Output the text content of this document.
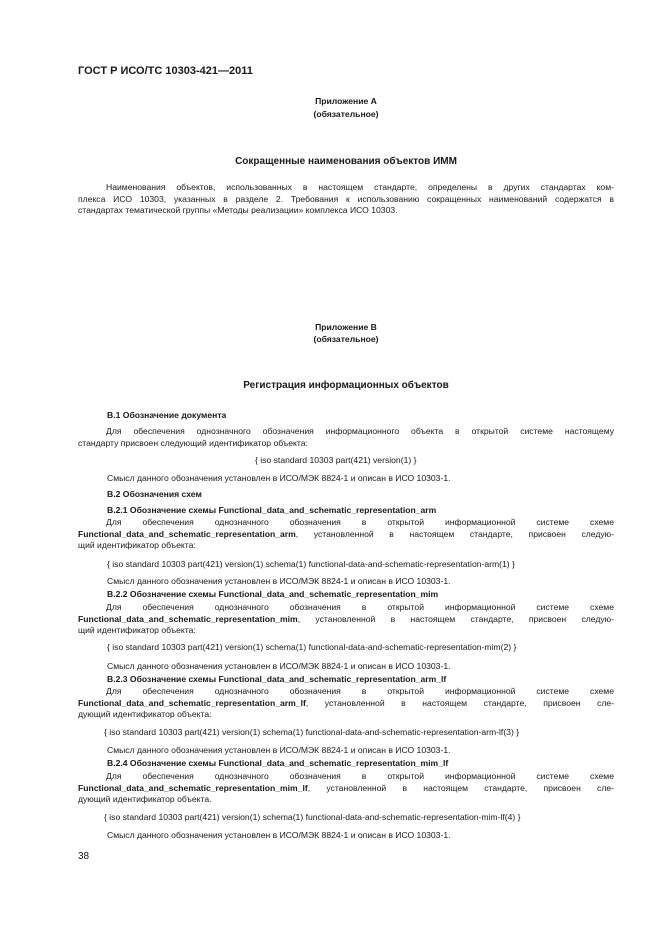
ГОСТ Р ИСО/ТС 10303-421—2011
Приложение А
(обязательное)
Сокращенные наименования объектов ИММ
Наименования объектов, использованных в настоящем стандарте, определены в других стандартах ком-
плекса ИСО 10303, указанных в разделе 2. Требования к использованию сокращенных наименований содержатся в
стандартах тематической группы «Методы реализации» комплекса ИСО 10303.
Приложение В
(обязательное)
Регистрация информационных объектов
В.1 Обозначение документа
Для обеспечения однозначного обозначения информационного объекта в открытой системе настоящему
стандарту присвоен следующий идентификатор объекта:
{ iso standard 10303 part(421) version(1) }
Смысл данного обозначения установлен в ИСО/МЭК 8824-1 и описан в ИСО 10303-1.
В.2 Обозначения схем
В.2.1 Обозначение схемы Functional_data_and_schematic_representation_arm
Для обеспечения однозначного обозначения в открытой информационной системе схеме
Functional_data_and_schematic_representation_arm, установленной в настоящем стандарте, присвоен следую-
щий идентификатор объекта:
{ iso standard 10303 part(421) version(1) schema(1) functional-data-and-schematic-representation-arm(1) }
Смысл данного обозначения установлен в ИСО/МЭК 8824-1 и описан в ИСО 10303-1.
В.2.2 Обозначение схемы Functional_data_and_schematic_representation_mim
Для обеспечения однозначного обозначения в открытой информационной системе схеме
Functional_data_and_schematic_representation_mim, установленной в настоящем стандарте, присвоен следую-
щий идентификатор объекта:
{ iso standard 10303 part(421) version(1) schema(1) functional-data-and-schematic-representation-mim(2) }
Смысл данного обозначения установлен в ИСО/МЭК 8824-1 и описан в ИСО 10303-1.
В.2.3 Обозначение схемы Functional_data_and_schematic_representation_arm_lf
Для обеспечения однозначного обозначения в открытой информационной системе схеме
Functional_data_and_schematic_representation_arm_lf, установленной в настоящем стандарте, присвоен сле-
дующий идентификатор объекта:
{ iso standard 10303 part(421) version(1) schema(1) functional-data-and-schematic-representation-arm-lf(3) }
Смысл данного обозначения установлен в ИСО/МЭК 8824-1 и описан в ИСО 10303-1.
В.2.4 Обозначение схемы Functional_data_and_schematic_representation_mim_lf
Для обеспечения однозначного обозначения в открытой информационной системе схеме
Functional_data_and_schematic_representation_mim_lf, установленной в настоящем стандарте, присвоен сле-
дующий идентификатор объекта.
{ iso standard 10303 part(421) version(1) schema(1) functional-data-and-schematic-representation-mim-lf(4) }
Смысл данного обозначения установлен в ИСО/МЭК 8824-1 и описан в ИСО 10303-1.
38
